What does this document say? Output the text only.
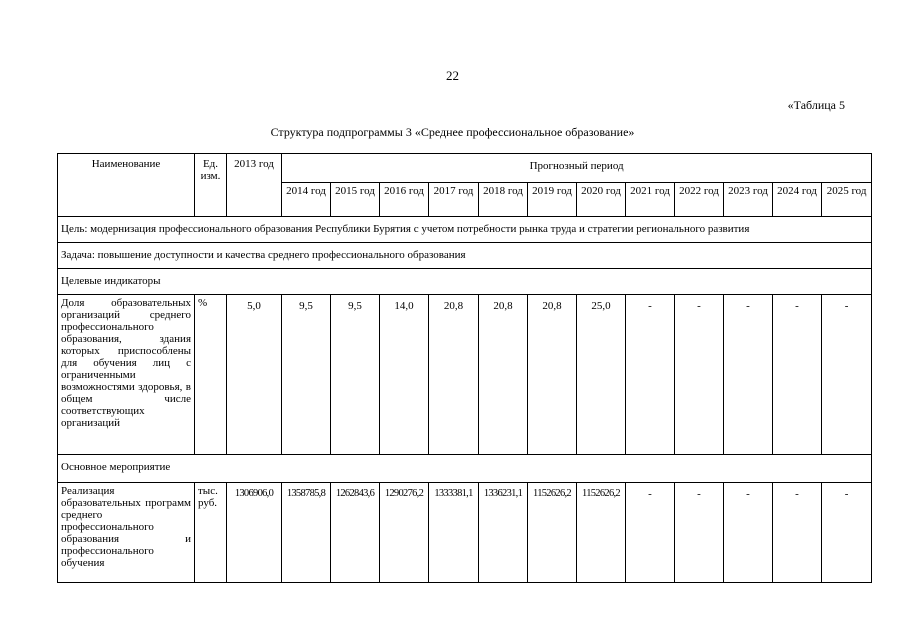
22
«Таблица 5
Структура подпрограммы 3 «Среднее профессиональное образование»
Наименование	Ед. изм.	2013 год	Прогнозный период											
			2014 год	2015 год	2016 год	2017 год	2018 год	2019 год	2020 год	2021 год	2022 год	2023 год	2024 год	2025 год
Цель: модернизация профессионального образования Республики Бурятия с учетом потребности рынка труда и стратегии регионального развития														
Задача: повышение доступности и качества среднего профессионального образования														
Целевые индикаторы														
Доля образовательных организаций среднего профессионального образования, здания которых приспособлены для обучения лиц с ограниченными возможностями здоровья, в общем числе соответствующих организаций	%	5,0	9,5	9,5	14,0	20,8	20,8	20,8	25,0	-	-	-	-	-
Основное мероприятие														
Реализация образовательных программ среднего профессионального образования и профессионального обучения	тыс. руб.	1306906,0	1358785,8	1262843,6	1290276,2	1333381,1	1336231,1	1152626,2	1152626,2	-	-	-	-	-
